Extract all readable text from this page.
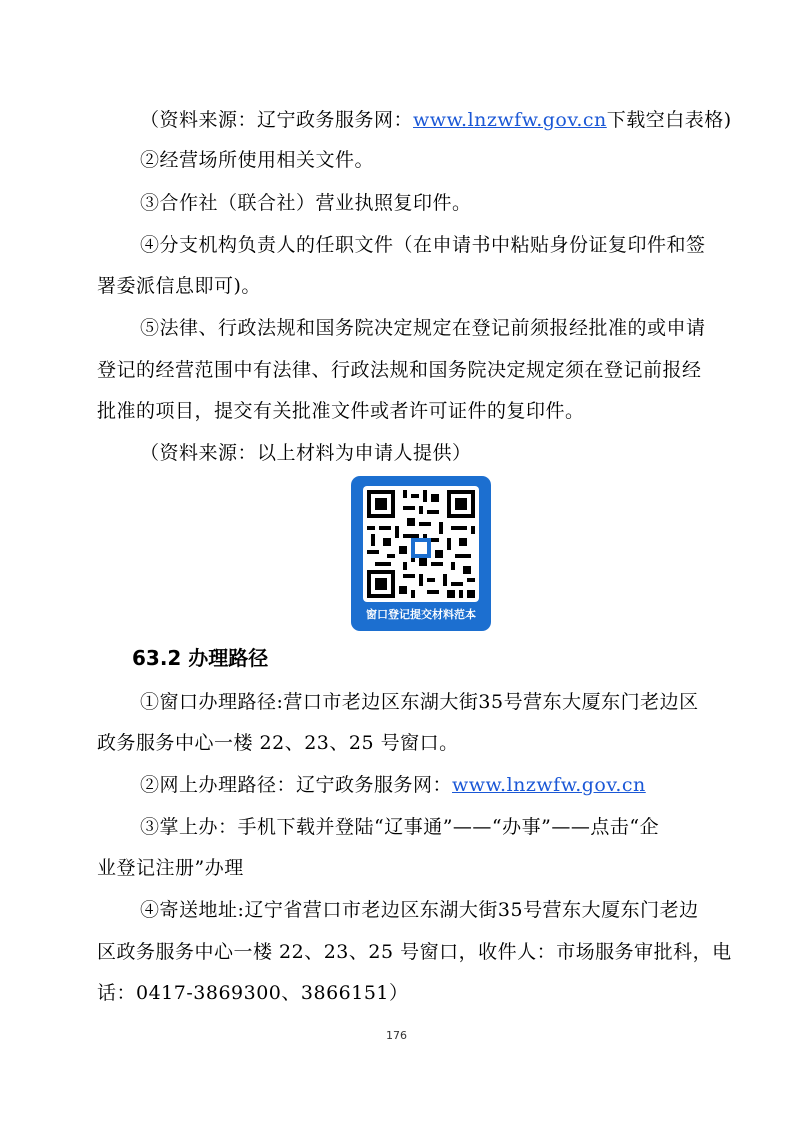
（资料来源：辽宁政务服务网：www.lnzwfw.gov.cn下载空白表格)
②经营场所使用相关文件。
③合作社（联合社）营业执照复印件。
④分支机构负责人的任职文件（在申请书中粘贴身份证复印件和签
署委派信息即可)。
⑤法律、行政法规和国务院决定规定在登记前须报经批准的或申请
登记的经营范围中有法律、行政法规和国务院决定规定须在登记前报经
批准的项目，提交有关批准文件或者许可证件的复印件。
（资料来源：以上材料为申请人提供）
窗口登记提交材料范本
63.2 办理路径
①窗口办理路径:营口市老边区东湖大街35号营东大厦东门老边区
政务服务中心一楼 22、23、25 号窗口。
②网上办理路径：辽宁政务服务网：www.lnzwfw.gov.cn
③掌上办：手机下载并登陆“辽事通”——“办事”——点击“企
业登记注册”办理
④寄送地址:辽宁省营口市老边区东湖大街35号营东大厦东门老边
区政务服务中心一楼 22、23、25 号窗口，收件人：市场服务审批科，电
话：0417-3869300、3866151）
176
